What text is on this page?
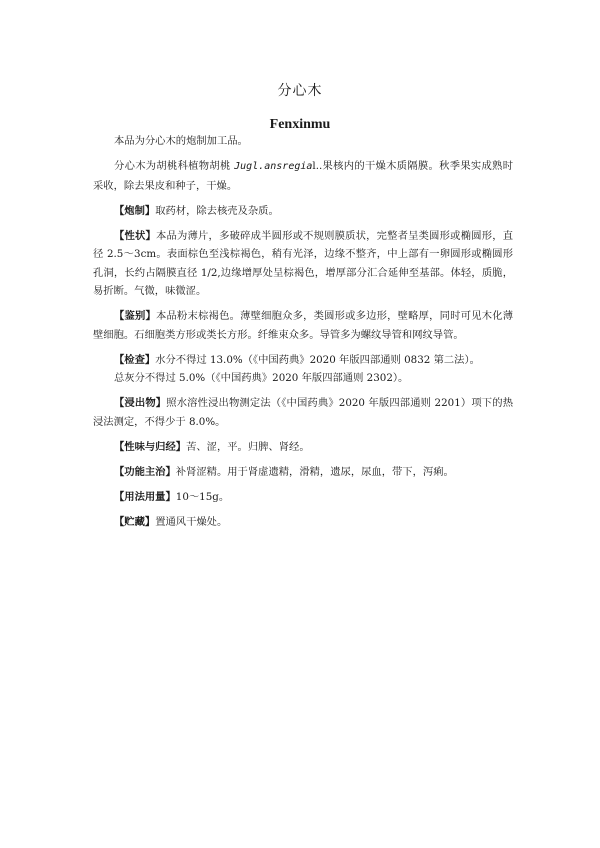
分心木
Fenxinmu

本品为分心木的炮制加工品。

分心木为胡桃科植物胡桃 Jugl.ansregial..果核内的干燥木质隔膜。秋季果实成熟时采收，除去果皮和种子，干燥。

【炮制】取药材，除去核壳及杂质。

【性状】本品为薄片，多破碎成半圆形或不规则膜质状，完整者呈类圆形或椭圆形，直径 2.5～3cm。表面棕色至浅棕褐色，稍有光泽，边缘不整齐，中上部有一卵圆形或椭圆形孔洞，长约占隔膜直径 1/2,边缘增厚处呈棕褐色，增厚部分汇合延伸至基部。体轻，质脆，易折断。气微，味微涩。

【鉴别】本品粉末棕褐色。薄壁细胞众多，类圆形或多边形，壁略厚，同时可见木化薄壁细胞。石细胞类方形或类长方形。纤维束众多。导管多为螺纹导管和网纹导管。

【检查】水分不得过 13.0%（《中国药典》2020 年版四部通则 0832 第二法）。

总灰分不得过 5.0%（《中国药典》2020 年版四部通则 2302）。

【浸出物】照水溶性浸出物测定法（《中国药典》2020 年版四部通则 2201）项下的热浸法测定，不得少于 8.0%。

【性味与归经】苦、涩，平。归脾、肾经。

【功能主治】补肾涩精。用于肾虚遗精，滑精，遗尿，尿血，带下，泻痢。

【用法用量】10～15g。

【贮藏】置通风干燥处。
